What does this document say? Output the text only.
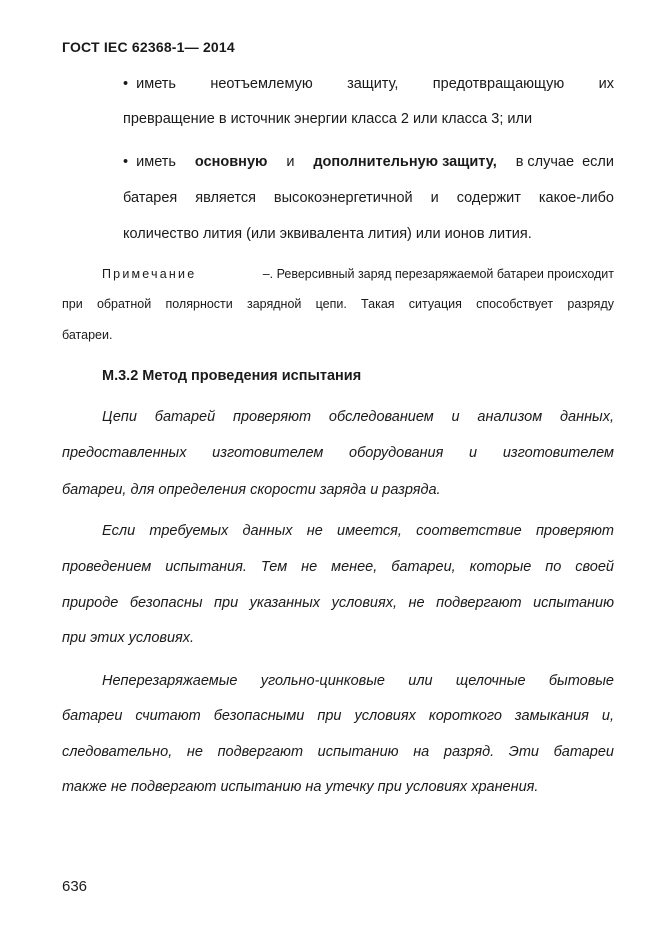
ГОСТ IEC 62368-1— 2014
• иметь неотъемлемую защиту, предотвращающую их
превращение в источник энергии класса 2 или класса 3; или
• иметь основную и дополнительную защиту, в случае  если
батарея является высокоэнергетичной и содержит какое-либо
количество лития (или эквивалента лития) или ионов лития.
Примечание	–. Реверсивный заряд перезаряжаемой батареи происходит
при обратной полярности зарядной цепи. Такая ситуация способствует разряду
батареи.
М.3.2 Метод проведения испытания
Цепи батарей проверяют обследованием и анализом данных,
предоставленных изготовителем оборудования и изготовителем
батареи, для определения скорости заряда и разряда.
Если требуемых данных не имеется, соответствие проверяют
проведением испытания. Тем не менее, батареи, которые по своей
природе безопасны при указанных условиях, не подвергают испытанию
при этих условиях.
Неперезаряжаемые угольно-цинковые или щелочные бытовые
батареи считают безопасными при условиях короткого замыкания и,
следовательно, не подвергают испытанию на разряд. Эти батареи
также не подвергают испытанию на утечку при условиях хранения.
636
